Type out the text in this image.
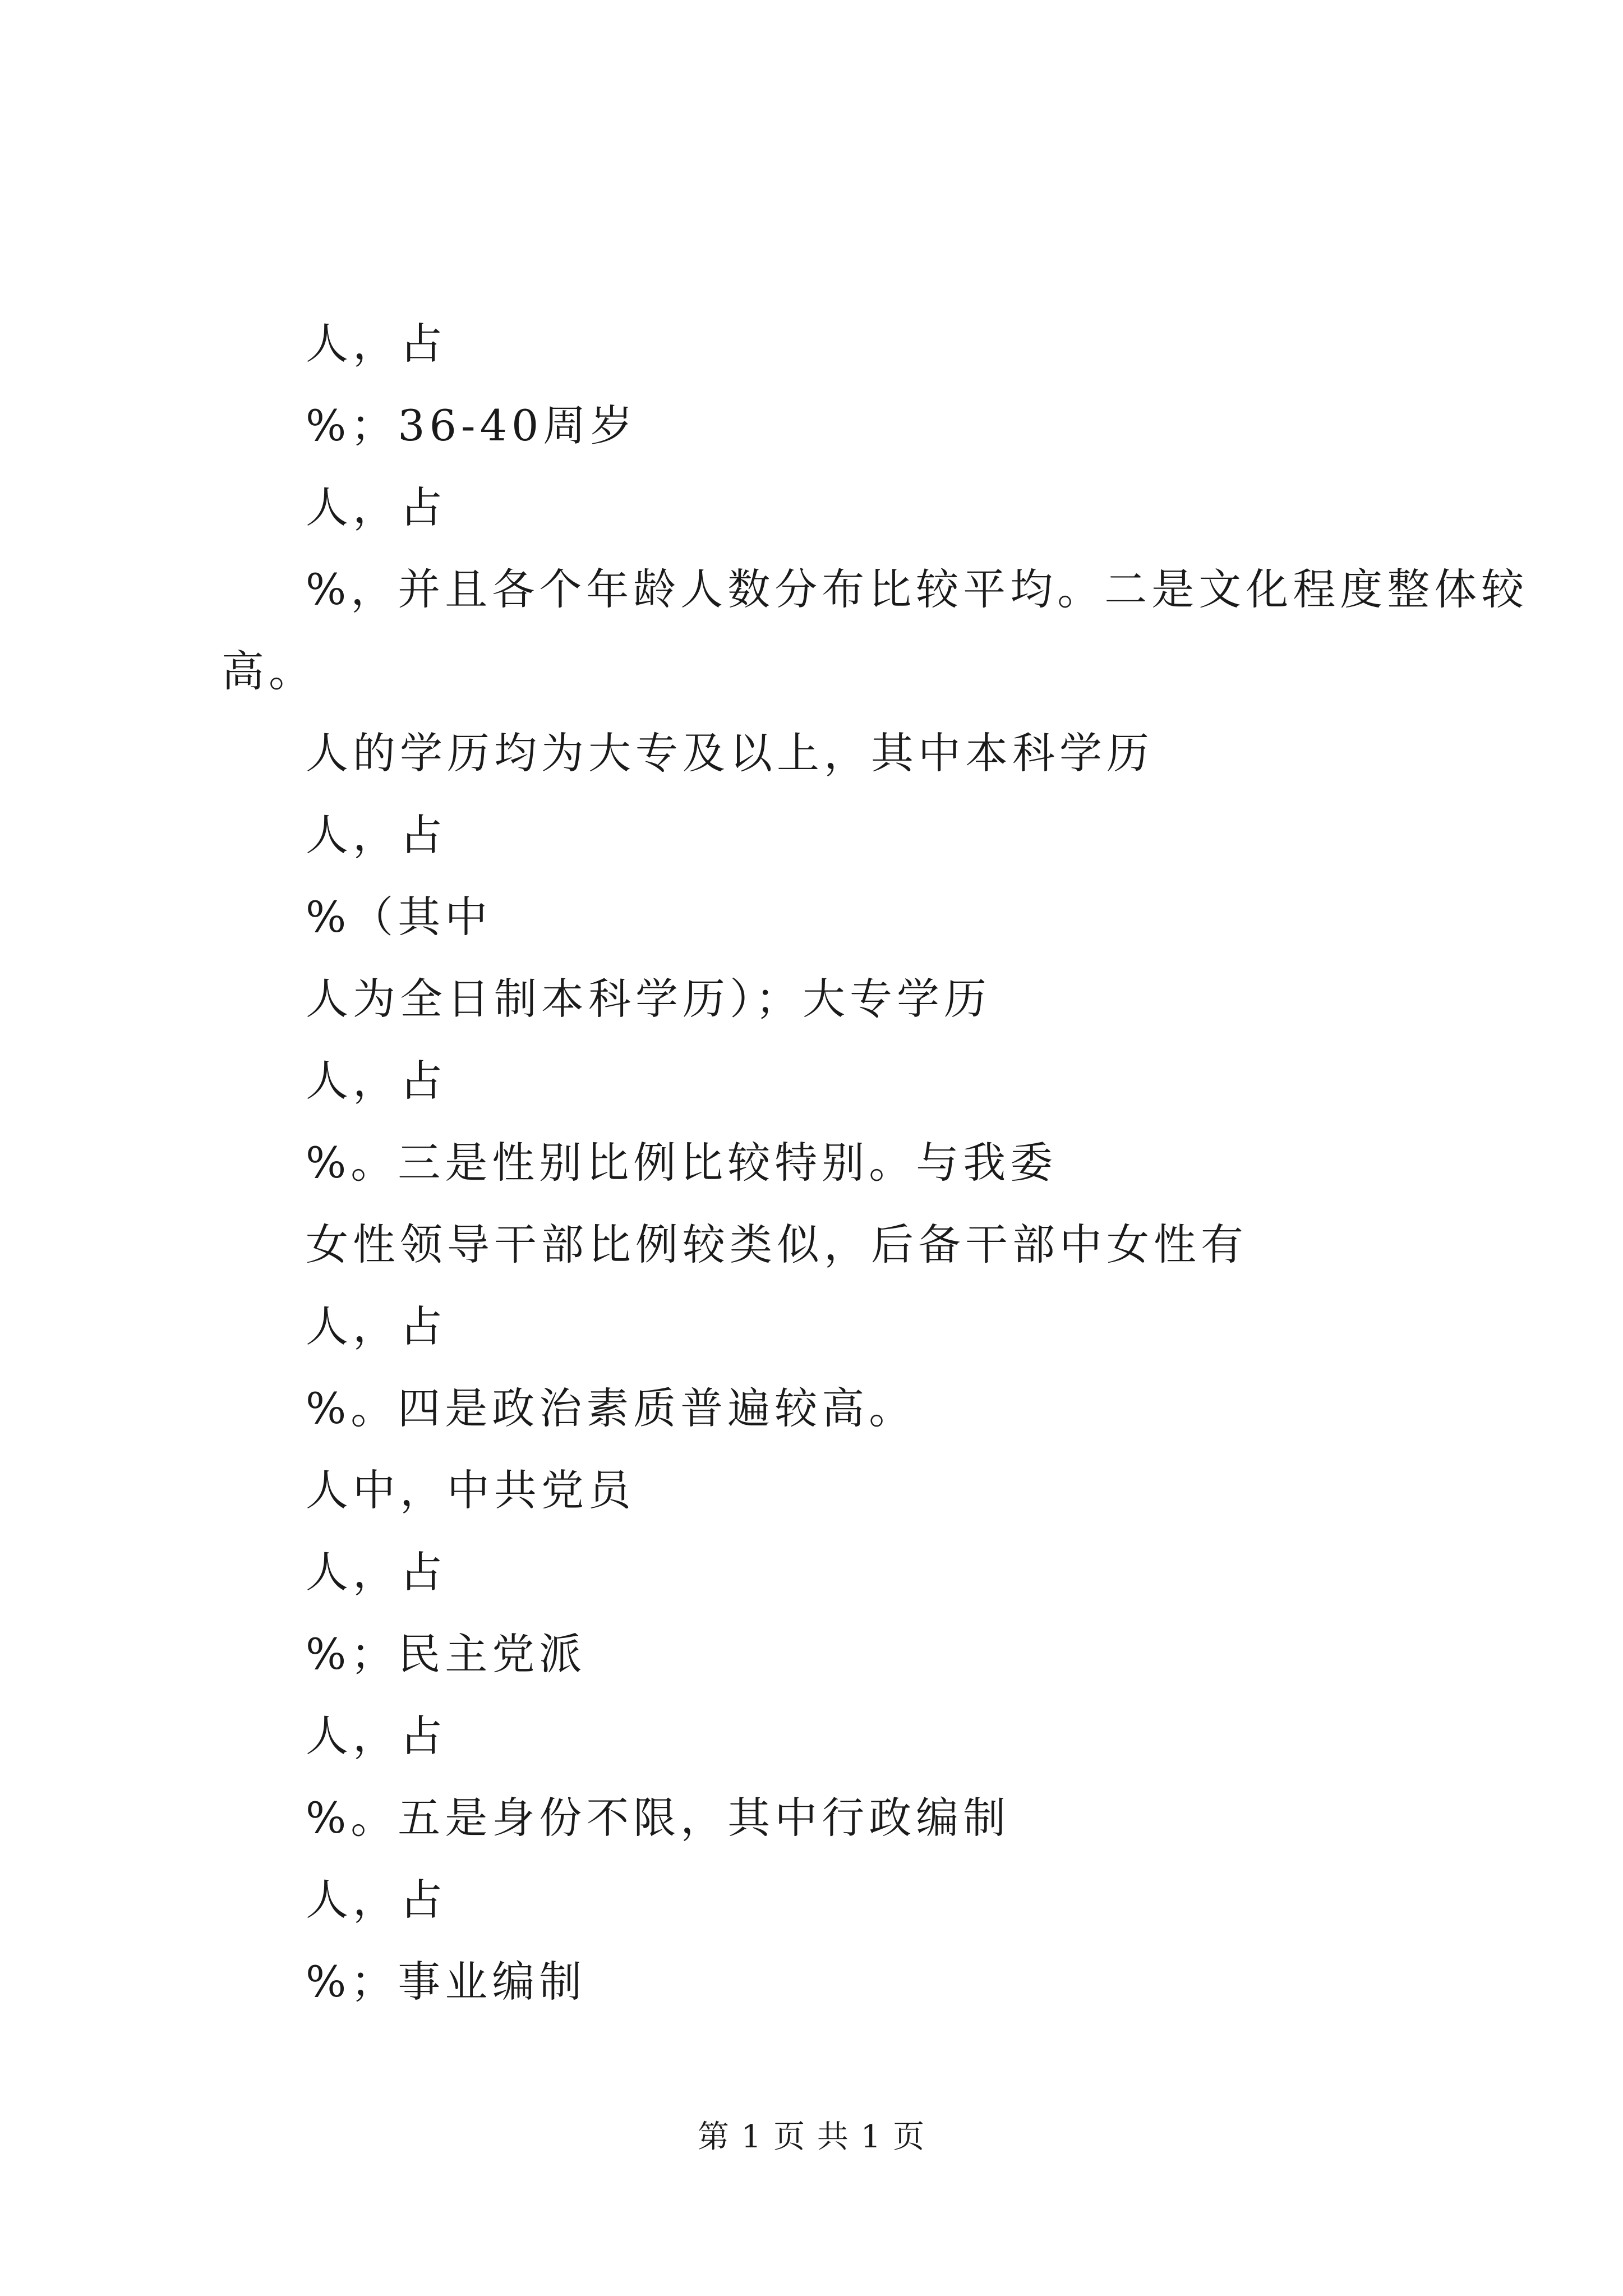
人，占
%；36-40周岁
人，占
%，并且各个年龄人数分布比较平均。二是文化程度整体较
高。
人的学历均为大专及以上，其中本科学历
人，占
%（其中
人为全日制本科学历）；大专学历
人，占
%。三是性别比例比较特别。与我委
女性领导干部比例较类似，后备干部中女性有
人，占
%。四是政治素质普遍较高。
人中，中共党员
人，占
%；民主党派
人，占
%。五是身份不限，其中行政编制
人，占
%；事业编制
第 1 页 共 1 页
